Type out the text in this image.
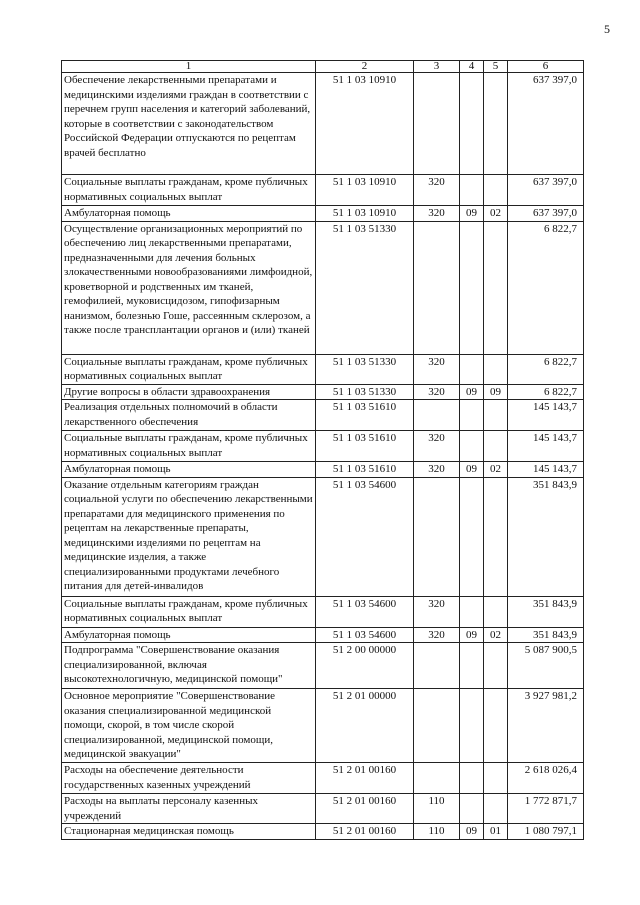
5
1	2	3	4	5	6
Обеспечение лекарственными препаратами и медицинскими изделиями граждан в соответствии с перечнем групп населения и категорий заболеваний, которые в соответствии с законодательством Российской Федерации отпускаются по рецептам врачей бесплатно	51 1 03 10910				637 397,0
Социальные выплаты гражданам, кроме публичных нормативных социальных выплат	51 1 03 10910	320			637 397,0
Амбулаторная помощь	51 1 03 10910	320	09	02	637 397,0
Осуществление организационных мероприятий по обеспечению лиц лекарственными препаратами, предназначенными для лечения больных злокачественными новообразованиями лимфоидной, кроветворной и родственных им тканей, гемофилией, муковисцидозом, гипофизарным нанизмом, болезнью Гоше, рассеянным склерозом, а также после трансплантации органов и (или) тканей	51 1 03 51330				6 822,7
Социальные выплаты гражданам, кроме публичных нормативных социальных выплат	51 1 03 51330	320			6 822,7
Другие вопросы в области здравоохранения	51 1 03 51330	320	09	09	6 822,7
Реализация отдельных полномочий в области лекарственного обеспечения	51 1 03 51610				145 143,7
Социальные выплаты гражданам, кроме публичных нормативных социальных выплат	51 1 03 51610	320			145 143,7
Амбулаторная помощь	51 1 03 51610	320	09	02	145 143,7
Оказание отдельным категориям граждан социальной услуги по обеспечению лекарственными препаратами для медицинского применения по рецептам на лекарственные препараты, медицинскими изделиями по рецептам на медицинские изделия, а также специализированными продуктами лечебного питания для детей-инвалидов	51 1 03 54600				351 843,9
Социальные выплаты гражданам, кроме публичных нормативных социальных выплат	51 1 03 54600	320			351 843,9
Амбулаторная помощь	51 1 03 54600	320	09	02	351 843,9
Подпрограмма "Совершенствование оказания специализированной, включая высокотехнологичную, медицинской помощи"	51 2 00 00000				5 087 900,5
Основное мероприятие "Совершенствование оказания специализированной медицинской помощи, скорой, в том числе скорой специализированной, медицинской помощи, медицинской эвакуации"	51 2 01 00000				3 927 981,2
Расходы на обеспечение деятельности государственных казенных учреждений	51 2 01 00160				2 618 026,4
Расходы на выплаты персоналу казенных учреждений	51 2 01 00160	110			1 772 871,7
Стационарная медицинская помощь	51 2 01 00160	110	09	01	1 080 797,1
